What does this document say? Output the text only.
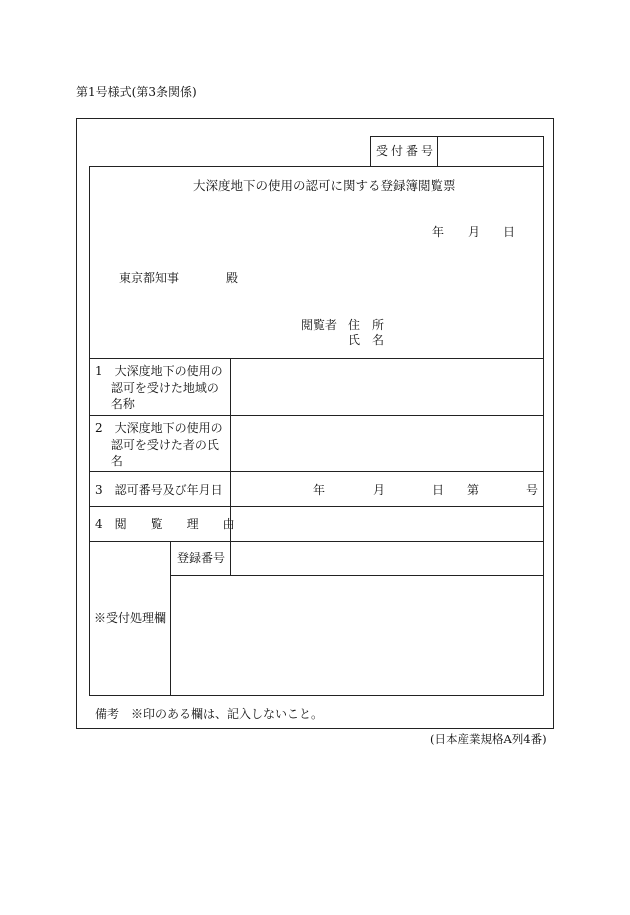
第1号様式(第3条関係)
受付番号
大深度地下の使用の認可に関する登録簿閲覧票
年 月 日
東京都知事	殿
閲覧者 住　所
氏　名
1　大深度地下の使用の
　 認可を受けた地域の
　 名称
2　大深度地下の使用の
　 認可を受けた者の氏
　 名
3　認可番号及び年月日	年	月	日 第	号
4　閲　　覧　　理　　由
※受付処理欄
登録番号
備考　※印のある欄は、記入しないこと。
(日本産業規格A列4番)
